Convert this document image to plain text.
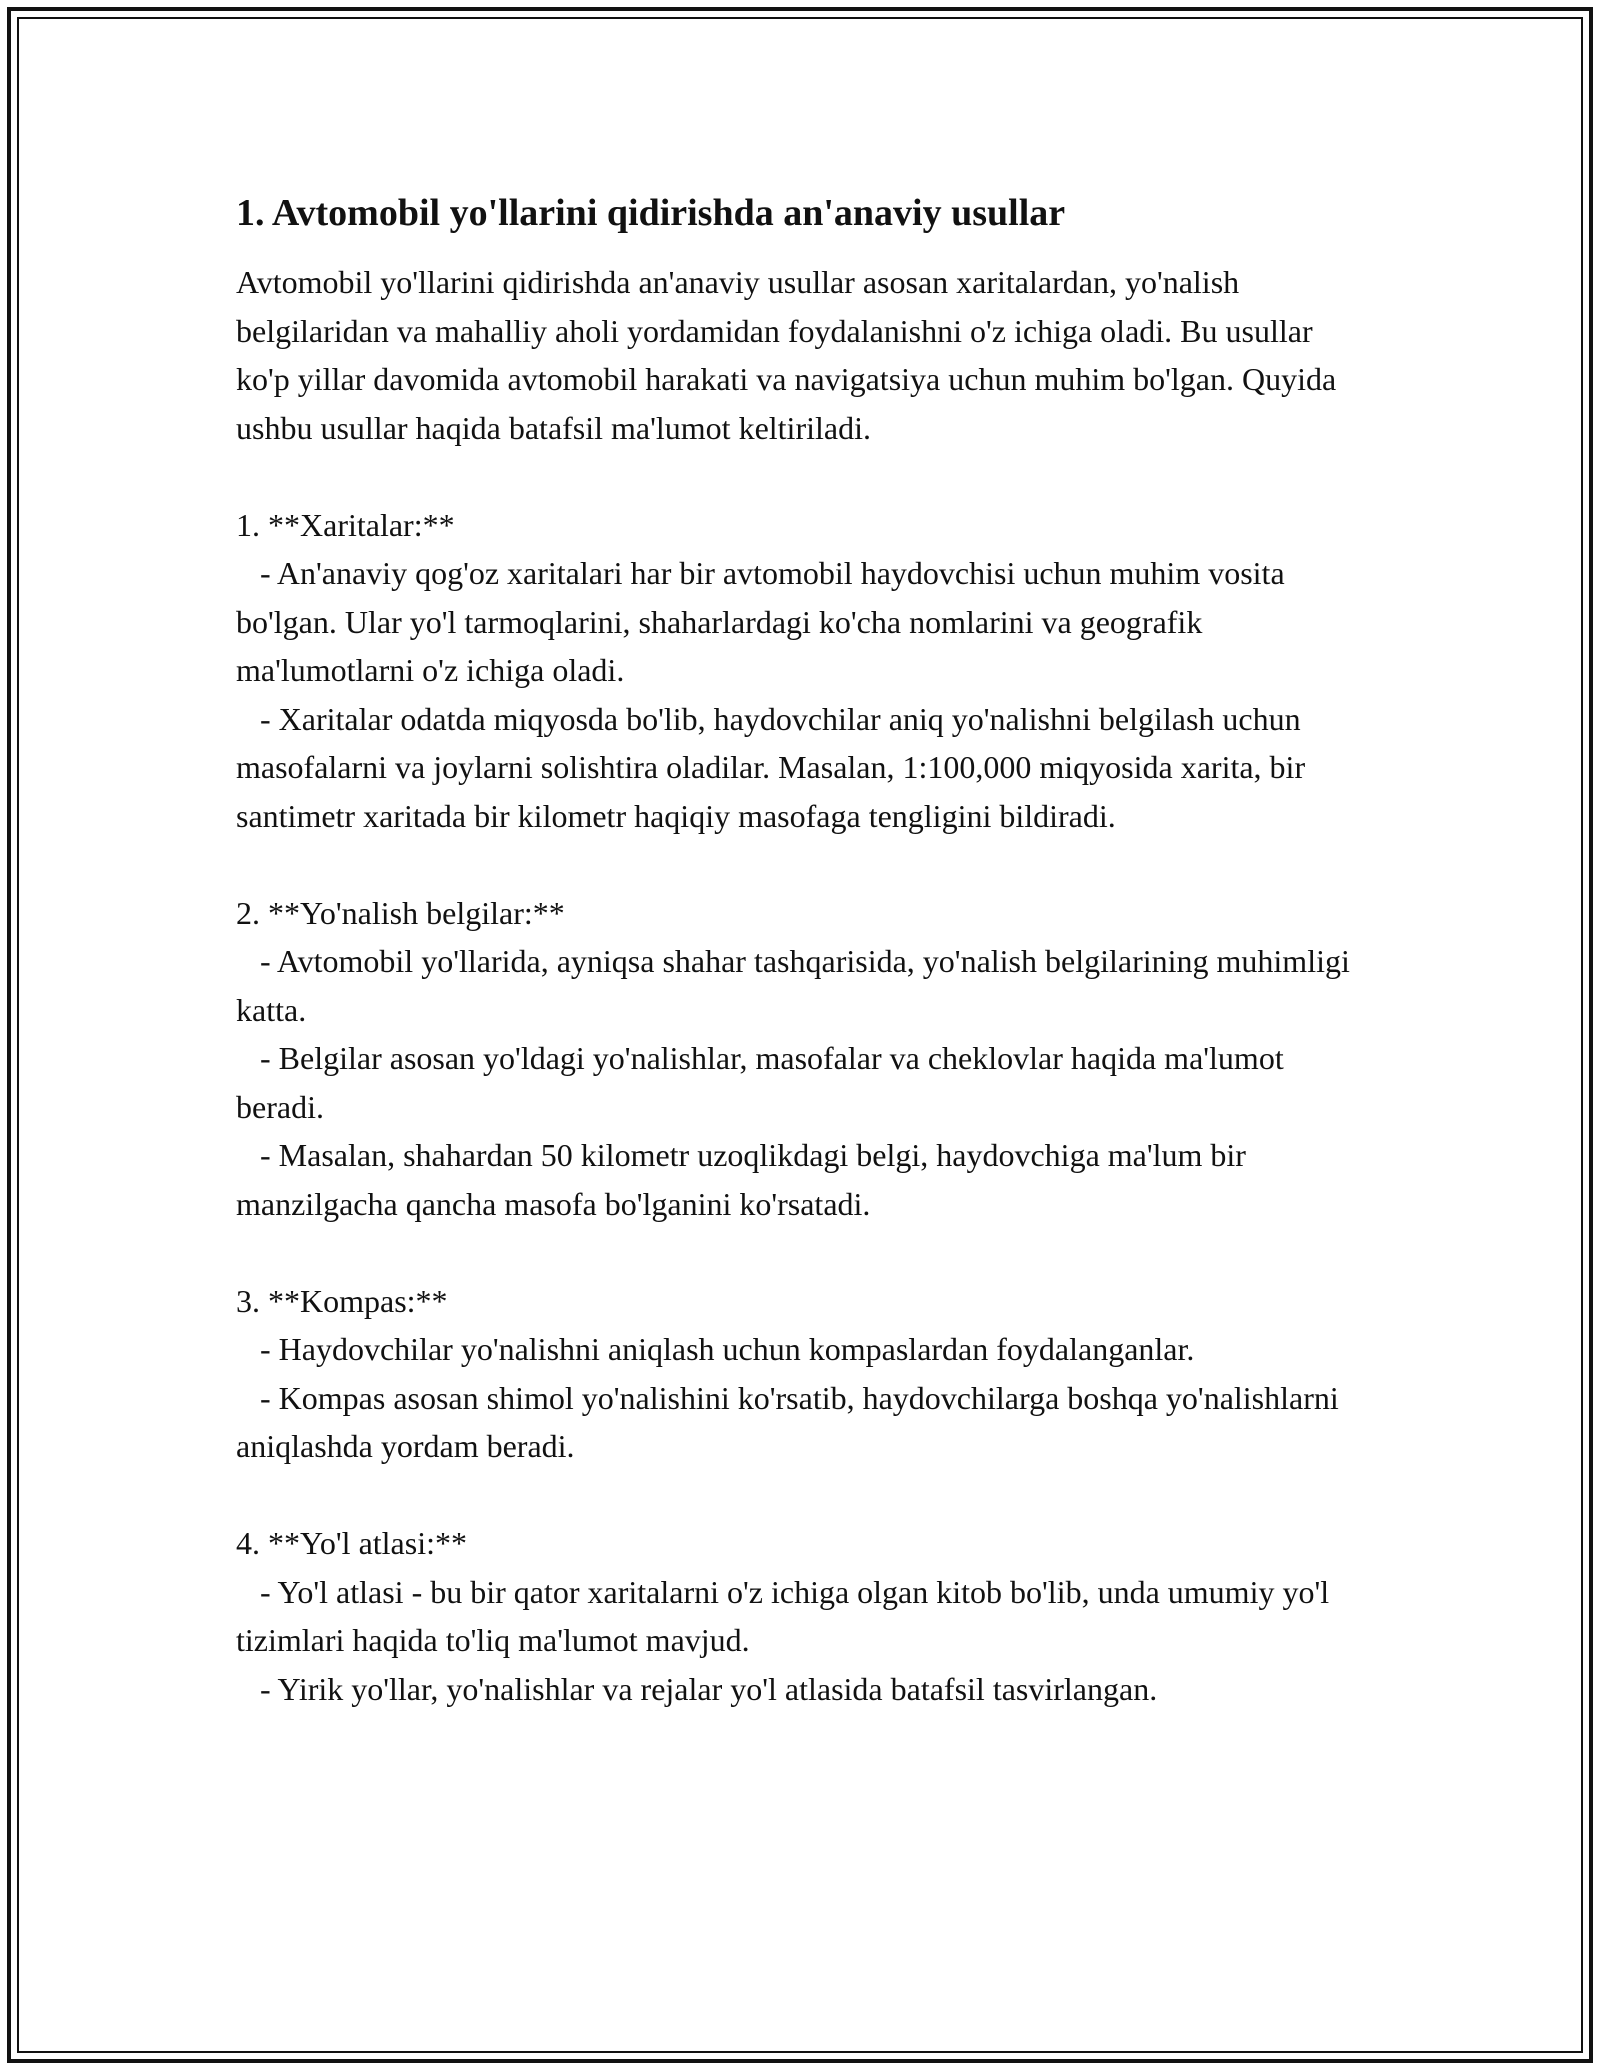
1. Avtomobil yo'llarini qidirishda an'anaviy usullar
Avtomobil yo'llarini qidirishda an'anaviy usullar asosan xaritalardan, yo'nalish belgilaridan va mahalliy aholi yordamidan foydalanishni o'z ichiga oladi. Bu usullar ko'p yillar davomida avtomobil harakati va navigatsiya uchun muhim bo'lgan. Quyida ushbu usullar haqida batafsil ma'lumot keltiriladi.

1. **Xaritalar:**
- An'anaviy qog'oz xaritalari har bir avtomobil haydovchisi uchun muhim vosita bo'lgan. Ular yo'l tarmoqlarini, shaharlardagi ko'cha nomlarini va geografik ma'lumotlarni o'z ichiga oladi.
- Xaritalar odatda miqyosda bo'lib, haydovchilar aniq yo'nalishni belgilash uchun masofalarni va joylarni solishtira oladilar. Masalan, 1:100,000 miqyosida xarita, bir santimetr xaritada bir kilometr haqiqiy masofaga tengligini bildiradi.

2. **Yo'nalish belgilar:**
- Avtomobil yo'llarida, ayniqsa shahar tashqarisida, yo'nalish belgilarining muhimligi katta.
- Belgilar asosan yo'ldagi yo'nalishlar, masofalar va cheklovlar haqida ma'lumot beradi.
- Masalan, shahardan 50 kilometr uzoqlikdagi belgi, haydovchiga ma'lum bir manzilgacha qancha masofa bo'lganini ko'rsatadi.

3. **Kompas:**
- Haydovchilar yo'nalishni aniqlash uchun kompaslardan foydalanganlar.
- Kompas asosan shimol yo'nalishini ko'rsatib, haydovchilarga boshqa yo'nalishlarni aniqlashda yordam beradi.

4. **Yo'l atlasi:**
- Yo'l atlasi - bu bir qator xaritalarni o'z ichiga olgan kitob bo'lib, unda umumiy yo'l tizimlari haqida to'liq ma'lumot mavjud.
- Yirik yo'llar, yo'nalishlar va rejalar yo'l atlasida batafsil tasvirlangan.
